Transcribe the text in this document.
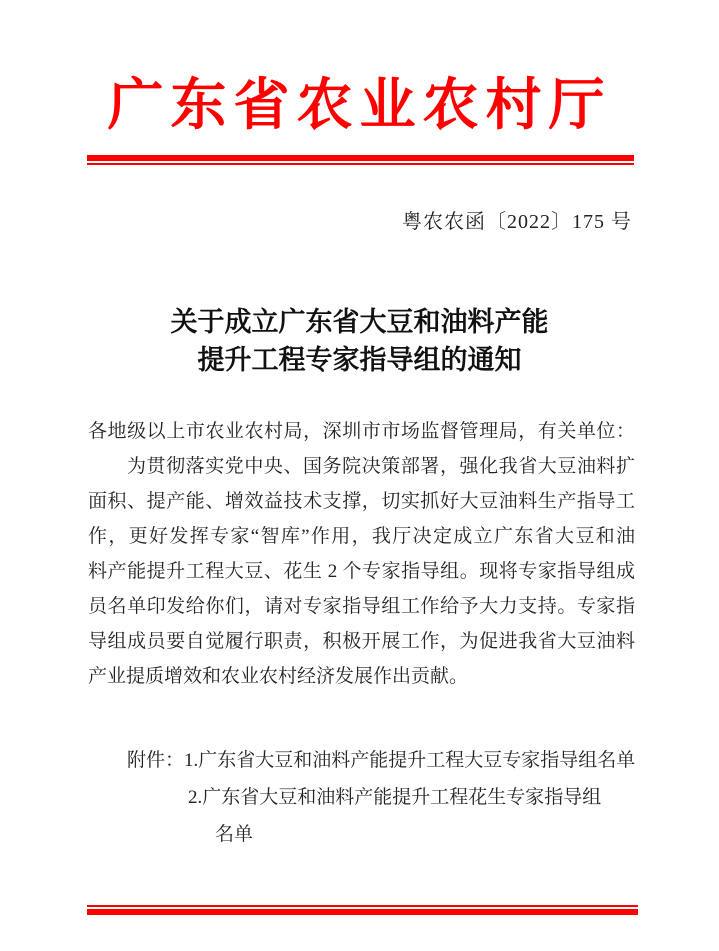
广东省农业农村厅
粤农农函〔2022〕175 号
关于成立广东省大豆和油料产能
提升工程专家指导组的通知
各地级以上市农业农村局，深圳市市场监督管理局，有关单位：
为贯彻落实党中央、国务院决策部署，强化我省大豆油料扩
面积、提产能、增效益技术支撑，切实抓好大豆油料生产指导工
作，更好发挥专家“智库”作用，我厅决定成立广东省大豆和油
料产能提升工程大豆、花生 2 个专家指导组。现将专家指导组成
员名单印发给你们，请对专家指导组工作给予大力支持。专家指
导组成员要自觉履行职责，积极开展工作，为促进我省大豆油料
产业提质增效和农业农村经济发展作出贡献。
附件：1.广东省大豆和油料产能提升工程大豆专家指导组名单
2.广东省大豆和油料产能提升工程花生专家指导组
名单
